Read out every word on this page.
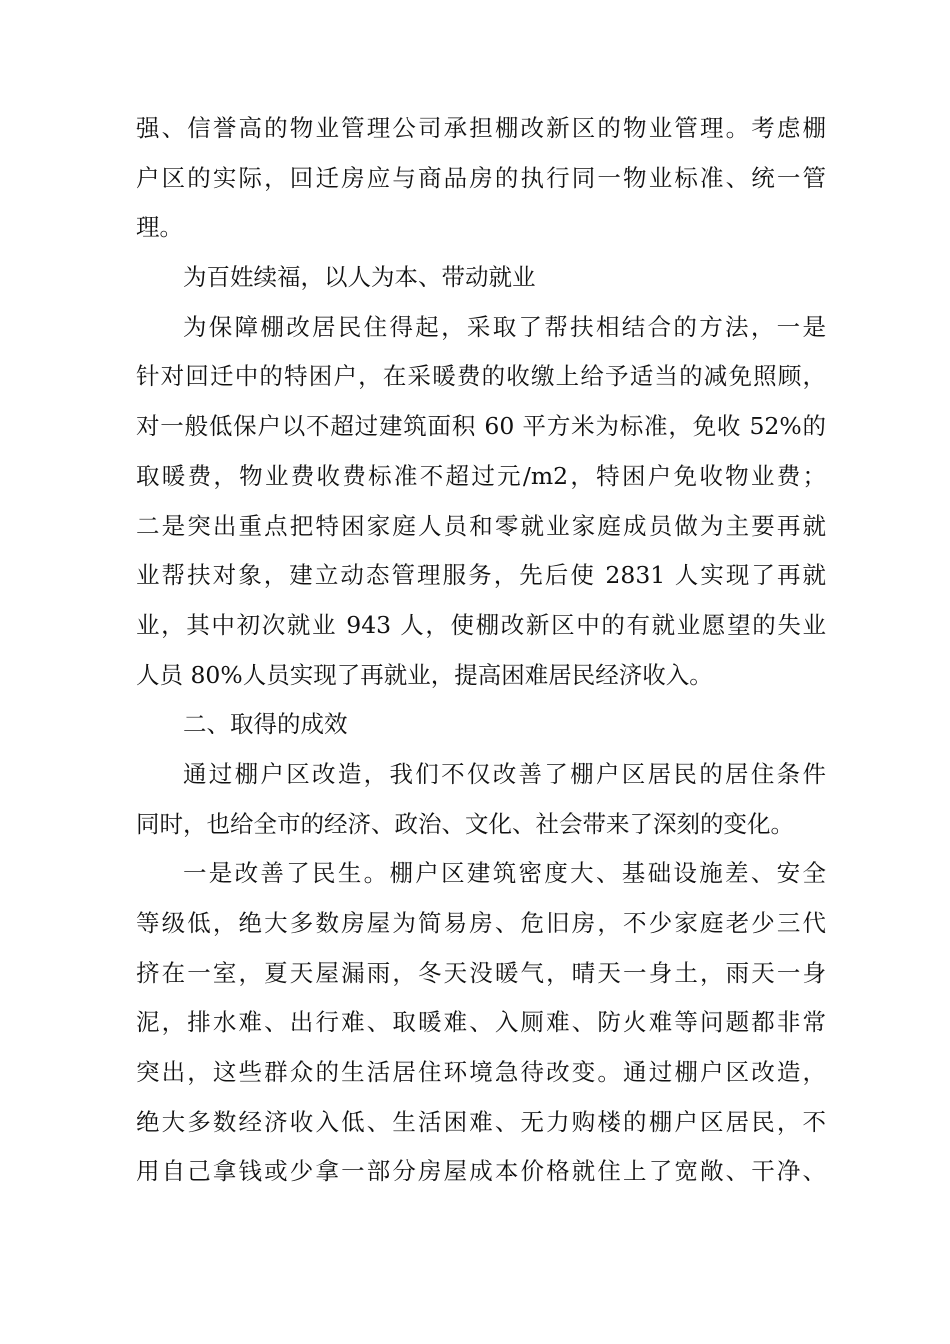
强、信誉高的物业管理公司承担棚改新区的物业管理。考虑棚
户区的实际，回迁房应与商品房的执行同一物业标准、统一管
理。
为百姓续福，以人为本、带动就业
为保障棚改居民住得起，采取了帮扶相结合的方法，一是
针对回迁中的特困户，在采暖费的收缴上给予适当的减免照顾，
对一般低保户以不超过建筑面积 60 平方米为标准，免收 52%的
取暖费，物业费收费标准不超过元/m2，特困户免收物业费；
二是突出重点把特困家庭人员和零就业家庭成员做为主要再就
业帮扶对象，建立动态管理服务，先后使 2831 人实现了再就
业，其中初次就业 943 人，使棚改新区中的有就业愿望的失业
人员 80%人员实现了再就业，提高困难居民经济收入。
二、取得的成效
通过棚户区改造，我们不仅改善了棚户区居民的居住条件
同时，也给全市的经济、政治、文化、社会带来了深刻的变化。
一是改善了民生。棚户区建筑密度大、基础设施差、安全
等级低，绝大多数房屋为简易房、危旧房，不少家庭老少三代
挤在一室，夏天屋漏雨，冬天没暖气，晴天一身土，雨天一身
泥，排水难、出行难、取暖难、入厕难、防火难等问题都非常
突出，这些群众的生活居住环境急待改变。通过棚户区改造，
绝大多数经济收入低、生活困难、无力购楼的棚户区居民，不
用自己拿钱或少拿一部分房屋成本价格就住上了宽敞、干净、
